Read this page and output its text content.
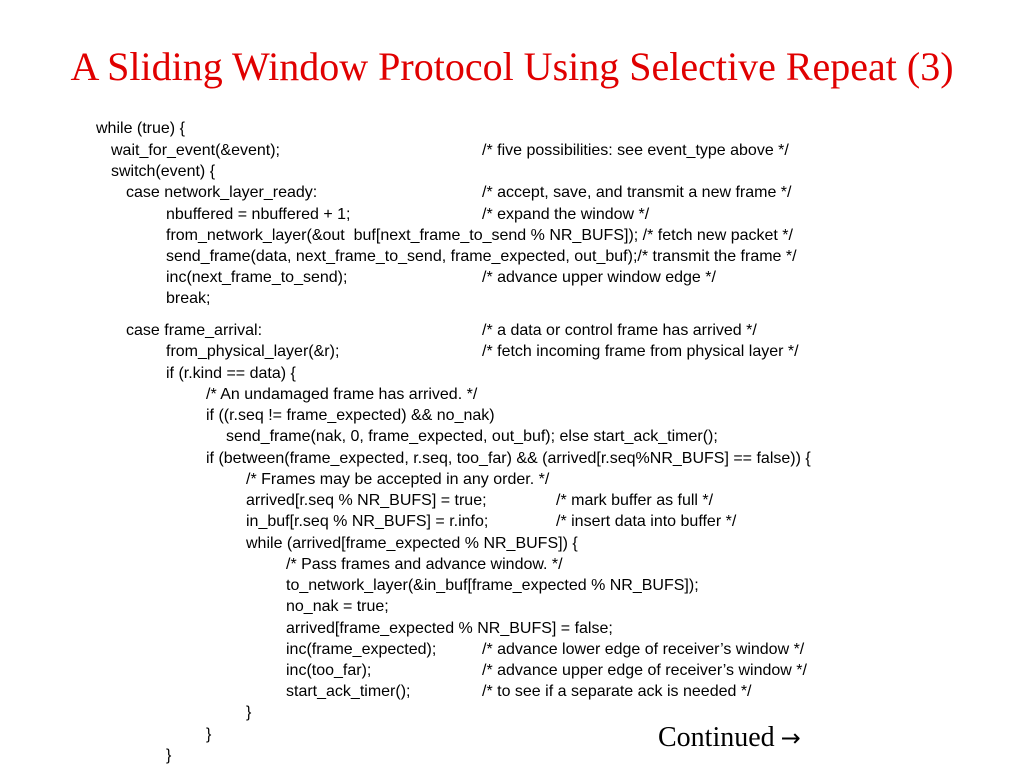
A Sliding Window Protocol Using Selective Repeat (3)
while (true) {
wait_for_event(&event);	/* five possibilities: see event_type above */
switch(event) {
case network_layer_ready:	/* accept, save, and transmit a new frame */
nbuffered = nbuffered + 1;	/* expand the window */
from_network_layer(&out  buf[next_frame_to_send % NR_BUFS]); /* fetch new packet */
send_frame(data, next_frame_to_send, frame_expected, out_buf);/* transmit the frame */
inc(next_frame_to_send);	/* advance upper window edge */
break;
case frame_arrival:	/* a data or control frame has arrived */
from_physical_layer(&r);	/* fetch incoming frame from physical layer */
if (r.kind == data) {
/* An undamaged frame has arrived. */
if ((r.seq != frame_expected) && no_nak)
send_frame(nak, 0, frame_expected, out_buf); else start_ack_timer();
if (between(frame_expected, r.seq, too_far) && (arrived[r.seq%NR_BUFS] == false)) {
/* Frames may be accepted in any order. */
arrived[r.seq % NR_BUFS] = true;	/* mark buffer as full */
in_buf[r.seq % NR_BUFS] = r.info;	/* insert data into buffer */
while (arrived[frame_expected % NR_BUFS]) {
/* Pass frames and advance window. */
to_network_layer(&in_buf[frame_expected % NR_BUFS]);
no_nak = true;
arrived[frame_expected % NR_BUFS] = false;
inc(frame_expected);	/* advance lower edge of receiver’s window */
inc(too_far);	/* advance upper edge of receiver’s window */
start_ack_timer();	/* to see if a separate ack is needed */
}
}
}
Continued →
